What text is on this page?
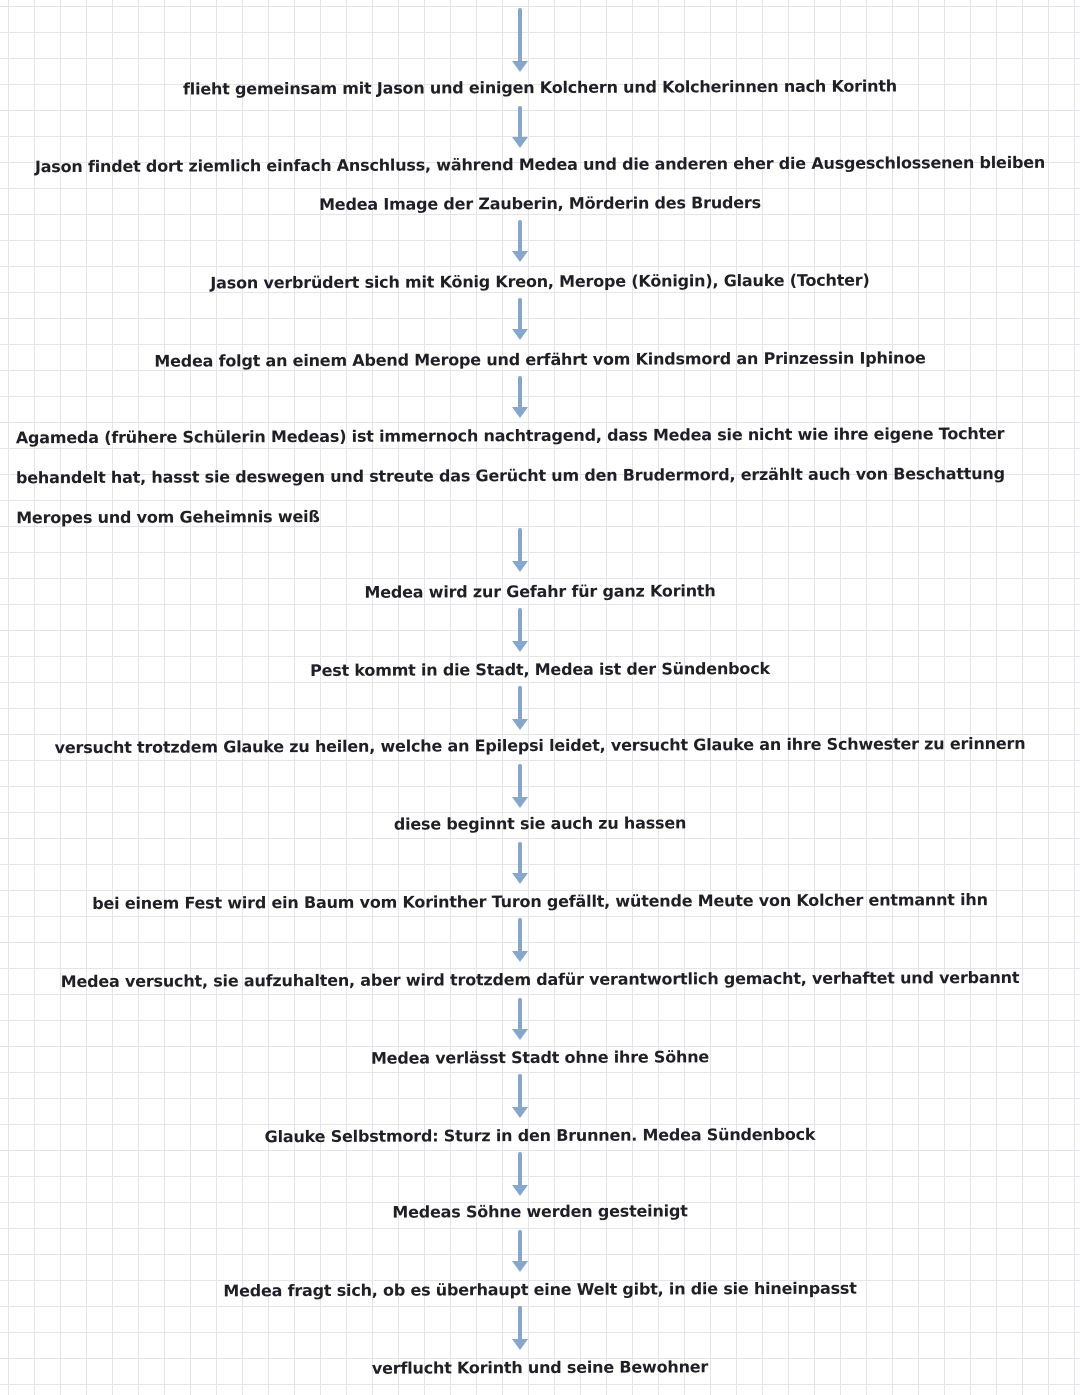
flieht gemeinsam mit Jason und einigen Kolchern und Kolcherinnen nach Korinth
Jason findet dort ziemlich einfach Anschluss, während Medea und die anderen eher die Ausgeschlossenen bleiben
Medea Image der Zauberin, Mörderin des Bruders
Jason verbrüdert sich mit König Kreon, Merope (Königin), Glauke (Tochter)
Medea folgt an einem Abend Merope und erfährt vom Kindsmord an Prinzessin Iphinoe
Agameda (frühere Schülerin Medeas) ist immernoch nachtragend, dass Medea sie nicht wie ihre eigene Tochter behandelt hat, hasst sie deswegen und streute das Gerücht um den Brudermord, erzählt auch von Beschattung Meropes und vom Geheimnis weiß
Medea wird zur Gefahr für ganz Korinth
Pest kommt in die Stadt, Medea ist der Sündenbock
versucht trotzdem Glauke zu heilen, welche an Epilepsi leidet, versucht Glauke an ihre Schwester zu erinnern
diese beginnt sie auch zu hassen
bei einem Fest wird ein Baum vom Korinther Turon gefällt, wütende Meute von Kolcher entmannt ihn
Medea versucht, sie aufzuhalten, aber wird trotzdem dafür verantwortlich gemacht, verhaftet und verbannt
Medea verlässt Stadt ohne ihre Söhne
Glauke Selbstmord: Sturz in den Brunnen. Medea Sündenbock
Medeas Söhne werden gesteinigt
Medea fragt sich, ob es überhaupt eine Welt gibt, in die sie hineinpasst
verflucht Korinth und seine Bewohner
